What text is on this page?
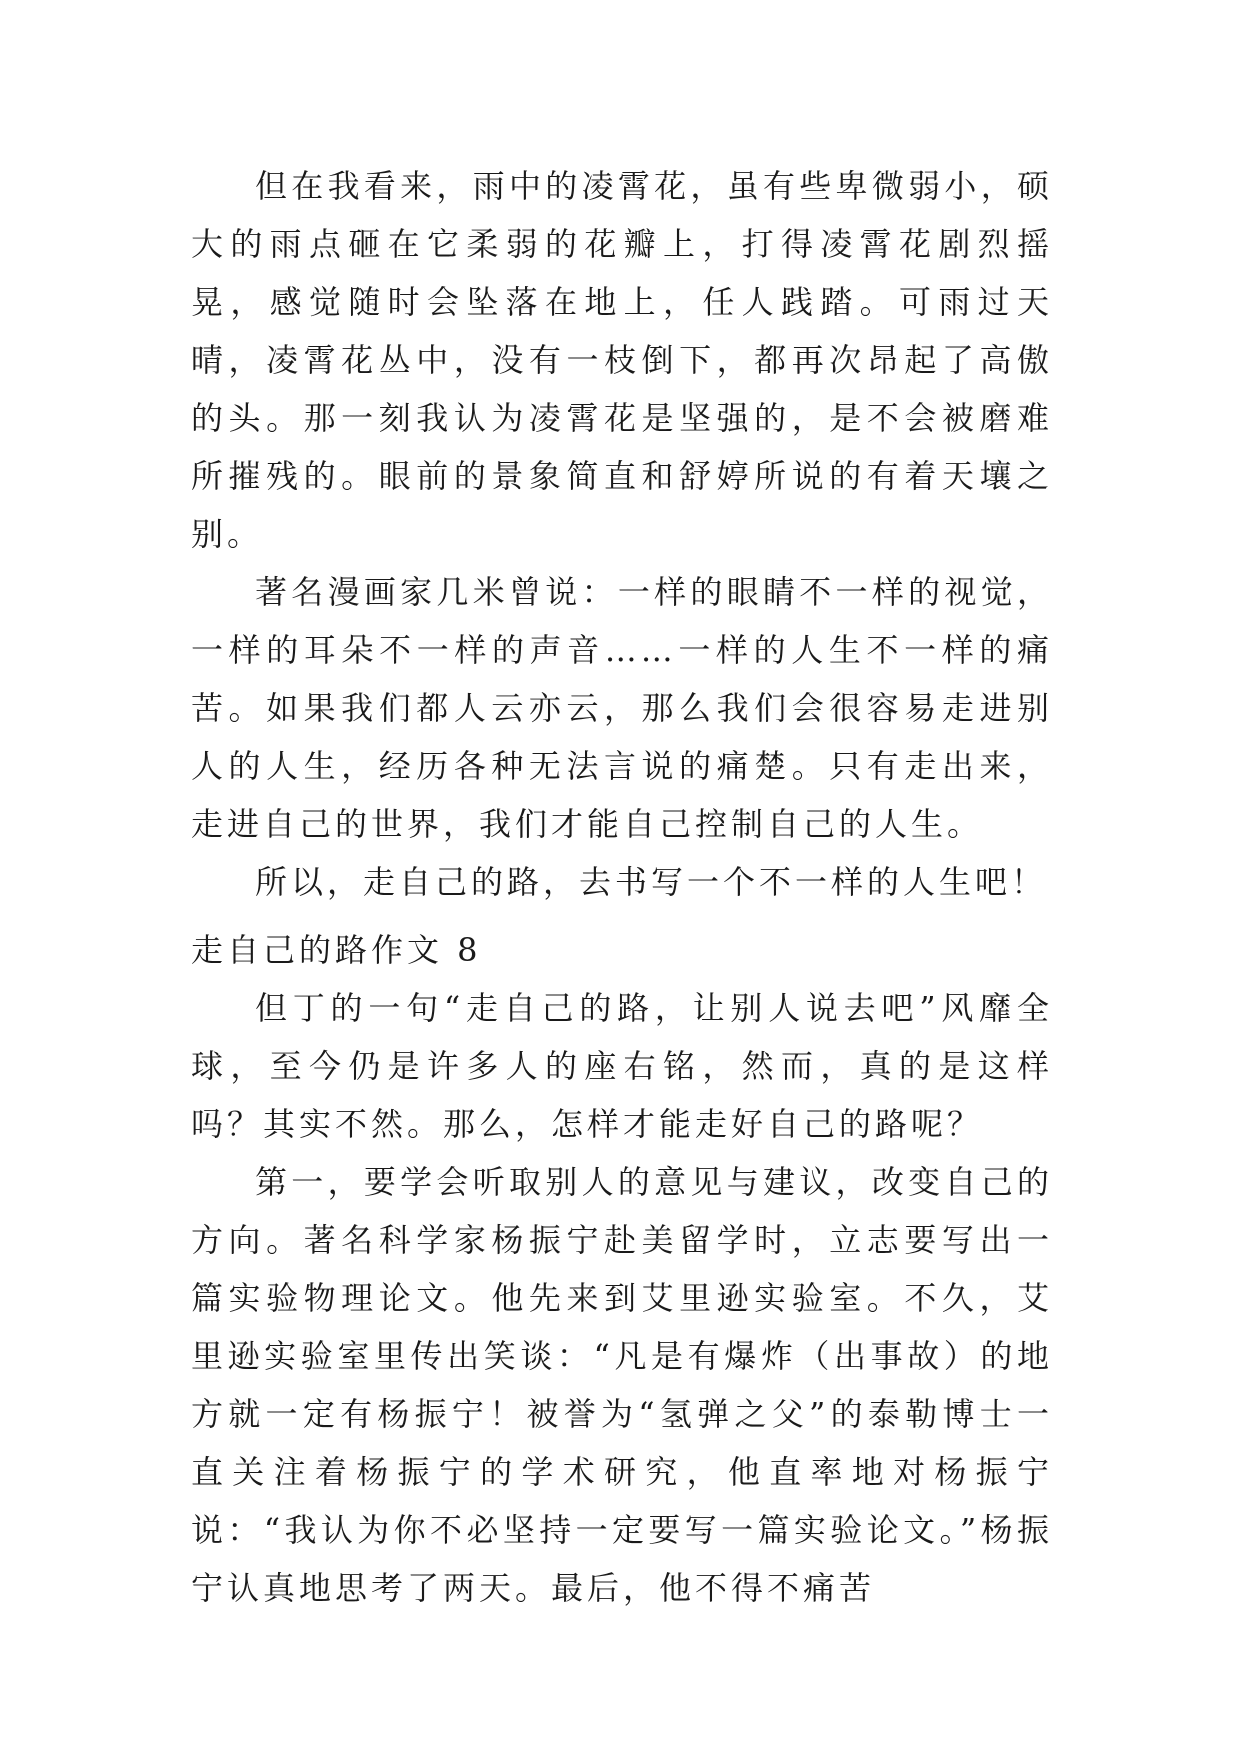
但在我看来，雨中的凌霄花，虽有些卑微弱小，硕大的雨点砸在它柔弱的花瓣上，打得凌霄花剧烈摇晃，感觉随时会坠落在地上，任人践踏。可雨过天晴，凌霄花丛中，没有一枝倒下，都再次昂起了高傲的头。那一刻我认为凌霄花是坚强的，是不会被磨难所摧残的。眼前的景象简直和舒婷所说的有着天壤之别。

著名漫画家几米曾说：一样的眼睛不一样的视觉，一样的耳朵不一样的声音……一样的人生不一样的痛苦。如果我们都人云亦云，那么我们会很容易走进别人的人生，经历各种无法言说的痛楚。只有走出来，走进自己的世界，我们才能自己控制自己的人生。

所以，走自己的路，去书写一个不一样的人生吧！

走自己的路作文 8

但丁的一句“走自己的路，让别人说去吧”风靡全球，至今仍是许多人的座右铭，然而，真的是这样吗？其实不然。那么，怎样才能走好自己的路呢？

第一，要学会听取别人的意见与建议，改变自己的方向。著名科学家杨振宁赴美留学时，立志要写出一篇实验物理论文。他先来到艾里逊实验室。不久，艾里逊实验室里传出笑谈：“凡是有爆炸（出事故）的地方就一定有杨振宁！被誉为“氢弹之父”的泰勒博士一直关注着杨振宁的学术研究，他直率地对杨振宁说：“我认为你不必坚持一定要写一篇实验论文。”杨振宁认真地思考了两天。最后，他不得不痛苦
